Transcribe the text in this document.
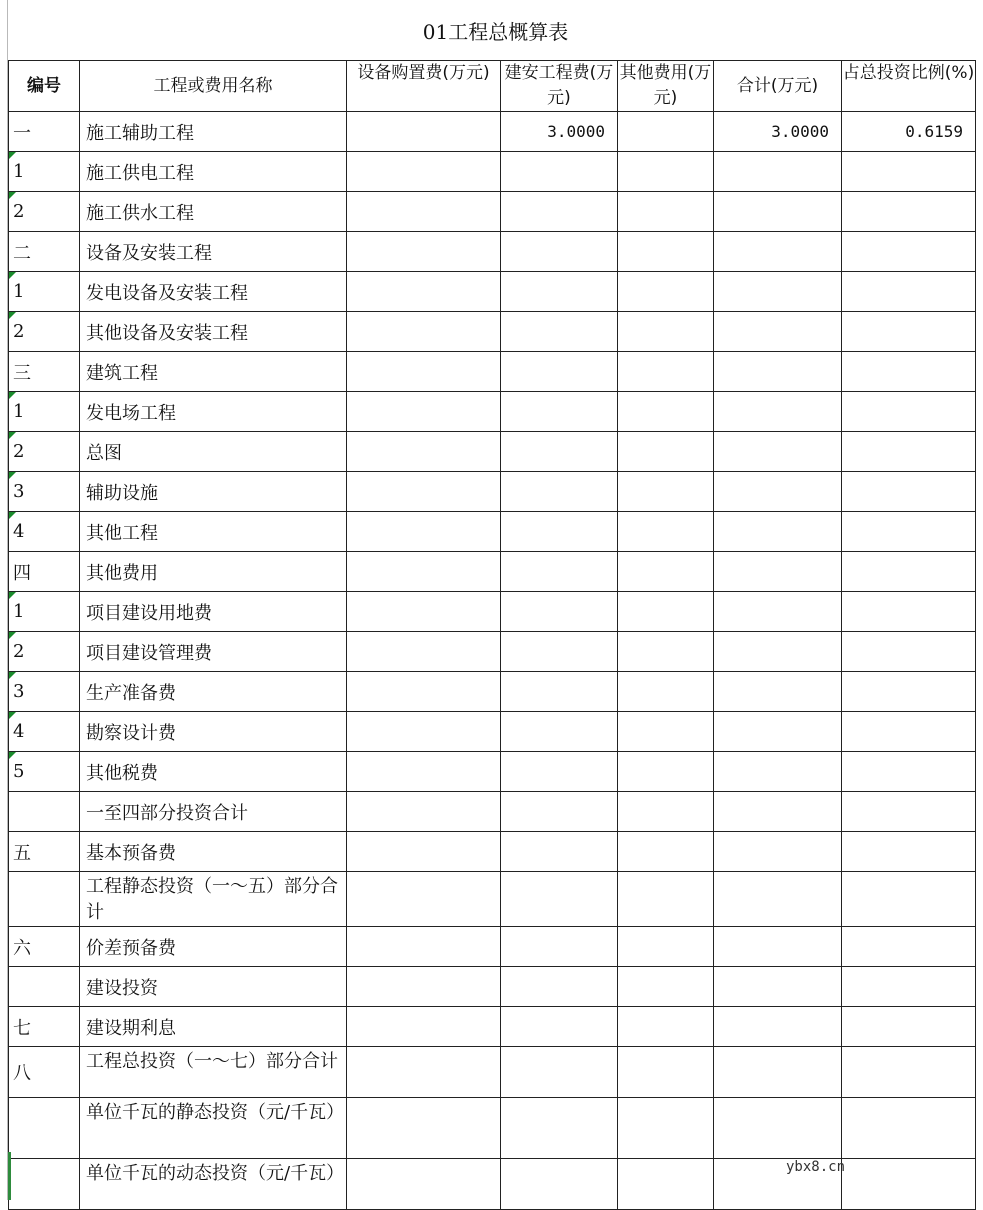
01工程总概算表
编号	工程或费用名称	设备购置费(万元)	建安工程费(万元)	其他费用(万元)	合计(万元)	占总投资比例(%)
一	施工辅助工程		3.0000		3.0000	0.6159
1	施工供电工程					
2	施工供水工程					
二	设备及安装工程					
1	发电设备及安装工程					
2	其他设备及安装工程					
三	建筑工程					
1	发电场工程					
2	总图					
3	辅助设施					
4	其他工程					
四	其他费用					
1	项目建设用地费					
2	项目建设管理费					
3	生产准备费					
4	勘察设计费					
5	其他税费					
	一至四部分投资合计					
五	基本预备费					
	工程静态投资（一～五）部分合计					
六	价差预备费					
	建设投资					
七	建设期利息					
八	工程总投资（一～七）部分合计					
	单位千瓦的静态投资（元/千瓦）					
	单位千瓦的动态投资（元/千瓦）						ybx8.cn
